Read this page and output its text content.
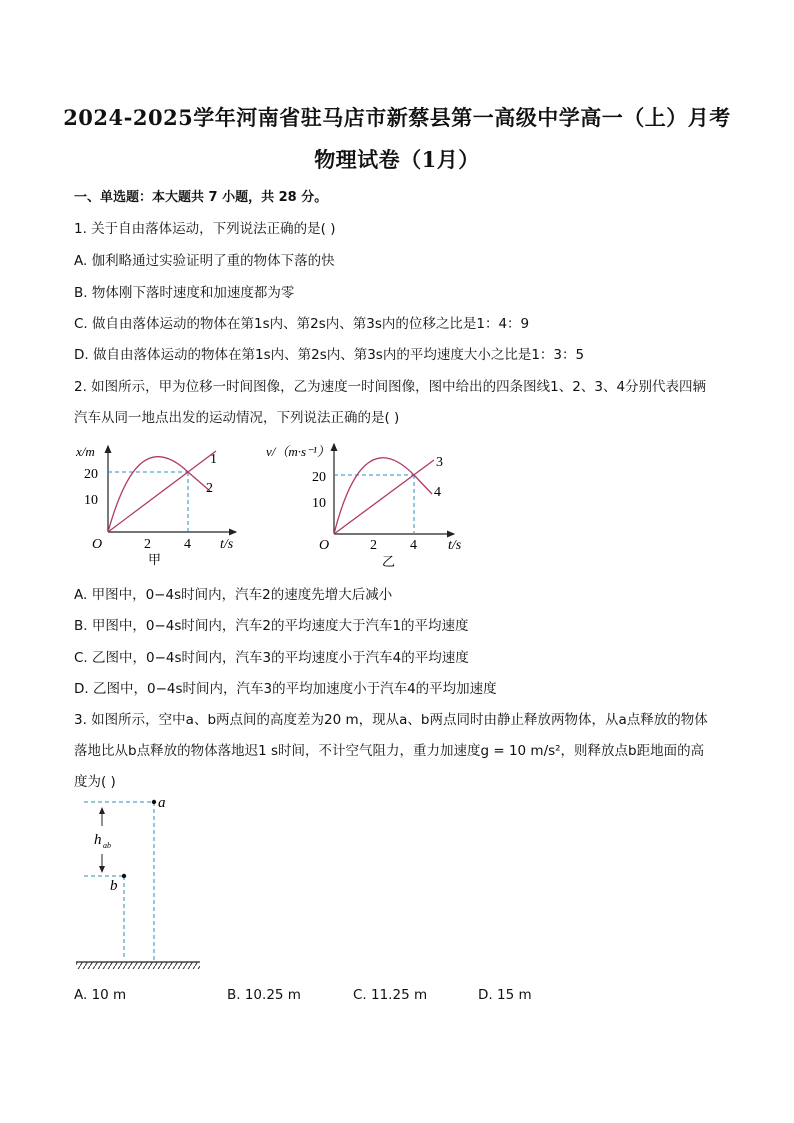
2024-2025学年河南省驻马店市新蔡县第一高级中学高一（上）月考
物理试卷（1月）
一、单选题：本大题共 7 小题，共 28 分。
1. 关于自由落体运动，下列说法正确的是( )
A. 伽利略通过实验证明了重的物体下落的快
B. 物体刚下落时速度和加速度都为零
C. 做自由落体运动的物体在第1s内、第2s内、第3s内的位移之比是1：4：9
D. 做自由落体运动的物体在第1s内、第2s内、第3s内的平均速度大小之比是1：3：5
2. 如图所示，甲为位移一时间图像，乙为速度一时间图像，图中给出的四条图线1、2、3、4分别代表四辆
汽车从同一地点出发的运动情况，下列说法正确的是( )
x/m
20
10
O	2 4 t/s
1
2
甲
v/（m·s⁻¹）
20
10
O	2 4 t/s
3
4
乙
A. 甲图中，0−4s时间内，汽车2的速度先增大后减小
B. 甲图中，0−4s时间内，汽车2的平均速度大于汽车1的平均速度
C. 乙图中，0−4s时间内，汽车3的平均速度小于汽车4的平均速度
D. 乙图中，0−4s时间内，汽车3的平均加速度小于汽车4的平均加速度
3. 如图所示，空中a、b两点间的高度差为20 m，现从a、b两点同时由静止释放两物体，从a点释放的物体
落地比从b点释放的物体落地迟1 s时间，不计空气阻力，重力加速度g = 10 m/s²，则释放点b距地面的高
度为( )
a
b
h ab
A. 10 m	B. 10.25 m	C. 11.25 m	D. 15 m
